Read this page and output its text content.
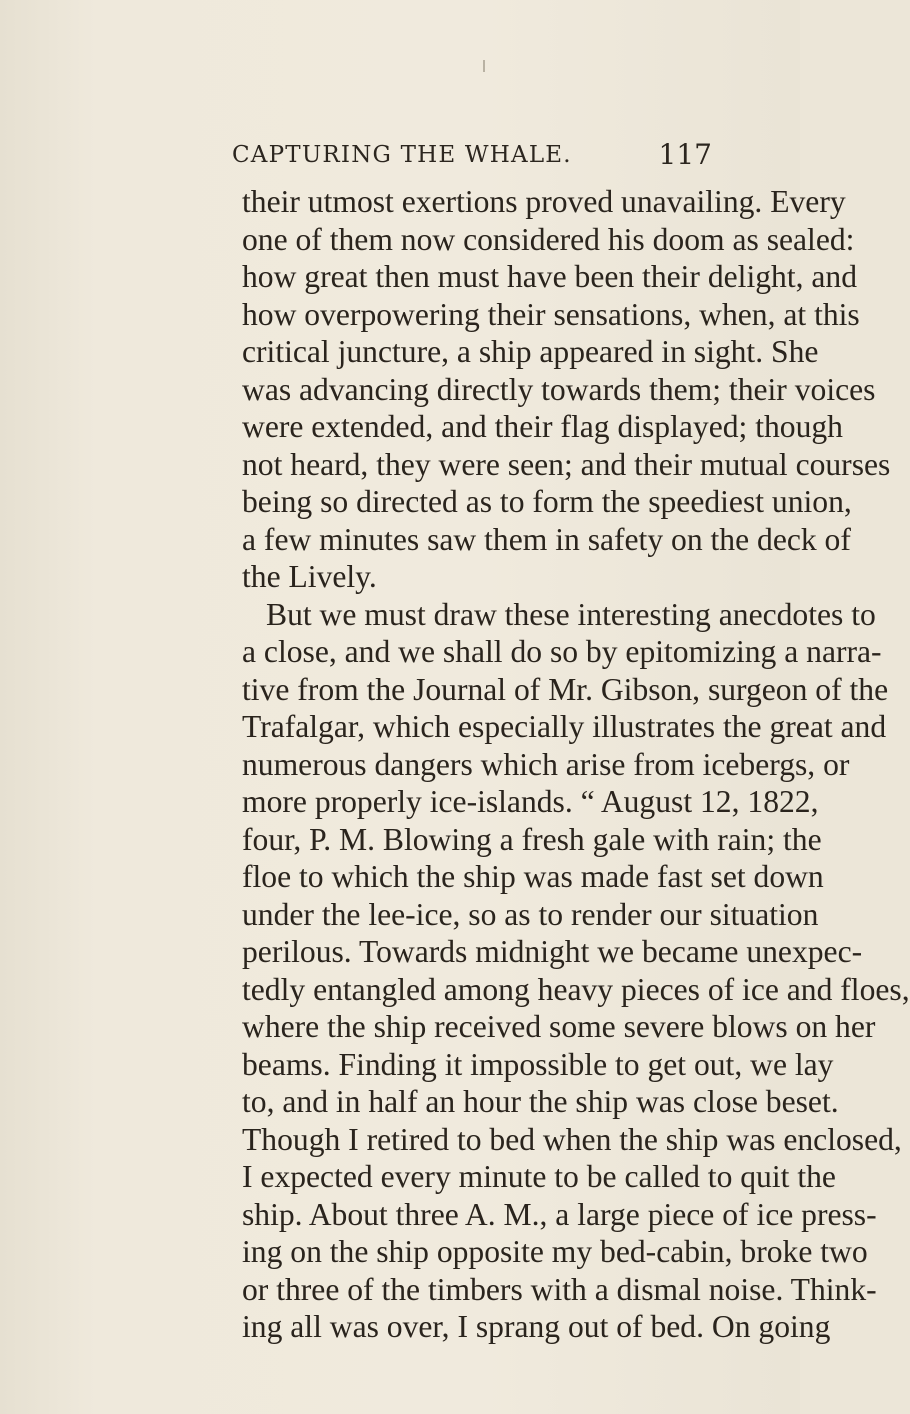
CAPTURING THE WHALE.	117
their utmost exertions proved unavailing. Every
one of them now considered his doom as sealed:
how great then must have been their delight, and
how overpowering their sensations, when, at this
critical juncture, a ship appeared in sight. She
was advancing directly towards them; their voices
were extended, and their flag displayed; though
not heard, they were seen; and their mutual courses
being so directed as to form the speediest union,
a few minutes saw them in safety on the deck of
the Lively.
But we must draw these interesting anecdotes to
a close, and we shall do so by epitomizing a narra-
tive from the Journal of Mr. Gibson, surgeon of the
Trafalgar, which especially illustrates the great and
numerous dangers which arise from icebergs, or
more properly ice-islands. “ August 12, 1822,
four, P. M. Blowing a fresh gale with rain; the
floe to which the ship was made fast set down
under the lee-ice, so as to render our situation
perilous. Towards midnight we became unexpec-
tedly entangled among heavy pieces of ice and floes,
where the ship received some severe blows on her
beams. Finding it impossible to get out, we lay
to, and in half an hour the ship was close beset.
Though I retired to bed when the ship was enclosed,
I expected every minute to be called to quit the
ship. About three A. M., a large piece of ice press-
ing on the ship opposite my bed-cabin, broke two
or three of the timbers with a dismal noise. Think-
ing all was over, I sprang out of bed. On going
